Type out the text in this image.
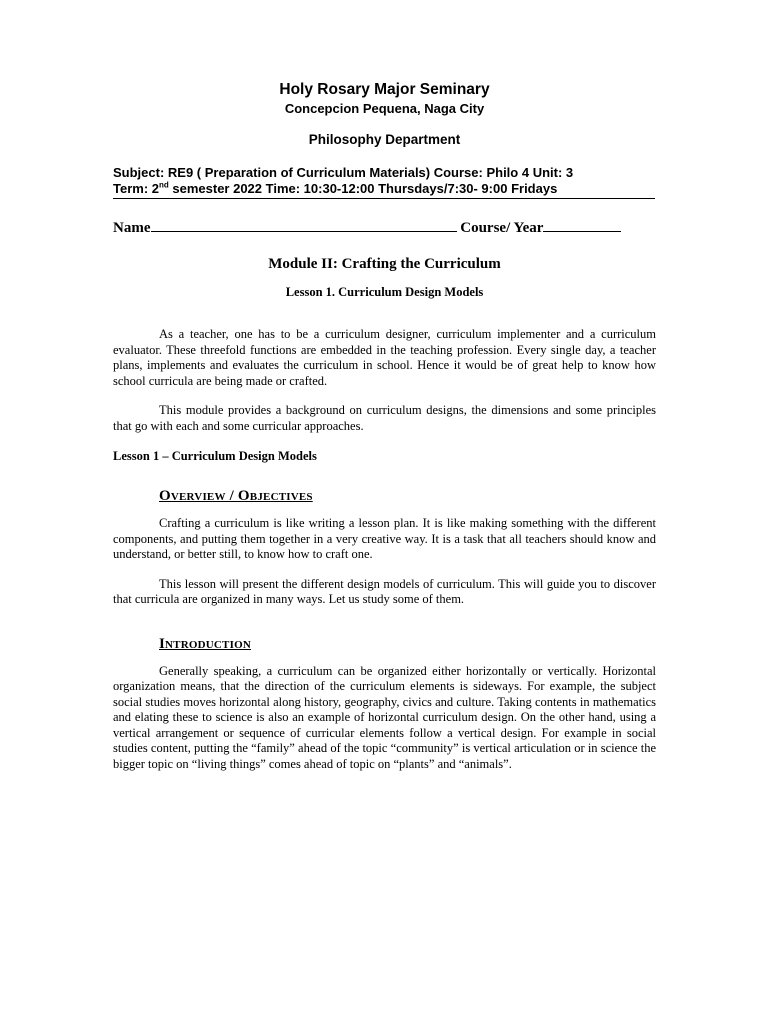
Holy Rosary Major Seminary

Concepcion Pequena, Naga City

Philosophy Department

Subject: RE9 ( Preparation of Curriculum Materials) Course: Philo 4 Unit: 3
Term: 2nd semester 2022 Time: 10:30-12:00 Thursdays/7:30- 9:00 Fridays
Name	Course/ Year
Module II: Crafting the Curriculum
Lesson 1. Curriculum Design Models

As a teacher, one has to be a curriculum designer, curriculum implementer and a curriculum evaluator. These threefold functions are embedded in the teaching profession. Every single day, a teacher plans, implements and evaluates the curriculum in school. Hence it would be of great help to know how school curricula are being made or crafted.

This module provides a background on curriculum designs, the dimensions and some principles that go with each and some curricular approaches.

Lesson 1 – Curriculum Design Models
Overview / Objectives

Crafting a curriculum is like writing a lesson plan. It is like making something with the different components, and putting them together in a very creative way. It is a task that all teachers should know and understand, or better still, to know how to craft one.

This lesson will present the different design models of curriculum. This will guide you to discover that curricula are organized in many ways. Let us study some of them.

Introduction

Generally speaking, a curriculum can be organized either horizontally or vertically. Horizontal organization means, that the direction of the curriculum elements is sideways. For example, the subject social studies moves horizontal along history, geography, civics and culture. Taking contents in mathematics and elating these to science is also an example of horizontal curriculum design. On the other hand, using a vertical arrangement or sequence of curricular elements follow a vertical design. For example in social studies content, putting the “family” ahead of the topic “community” is vertical articulation or in science the bigger topic on “living things” comes ahead of topic on “plants” and “animals”.
